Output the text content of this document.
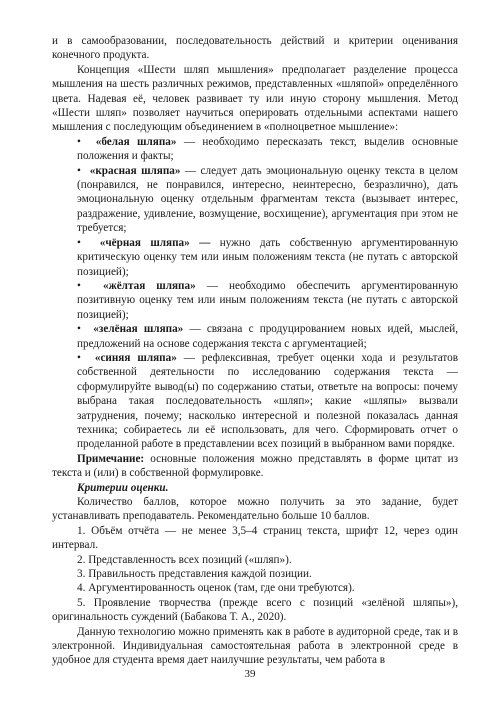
и в самообразовании, последовательность действий и критерии оценивания конечного продукта.

Концепция «Шести шляп мышления» предполагает разделение процесса мышления на шесть различных режимов, представленных «шляпой» определённого цвета. Надевая её, человек развивает ту или иную сторону мышления. Метод «Шести шляп» позволяет научиться оперировать отдельными аспектами нашего мышления с последующим объединением в «полноцветное мышление»:

•  «белая шляпа» — необходимо пересказать текст, выделив основные положения и факты;

•  «красная шляпа» — следует дать эмоциональную оценку текста в целом (понравился, не понравился, интересно, неинтересно, безразлично), дать эмоциональную оценку отдельным фрагментам текста (вызывает интерес, раздражение, удивление, возмущение, восхищение), аргументация при этом не требуется;

•  «чёрная шляпа» — нужно дать собственную аргументированную критическую оценку тем или иным положениям текста (не путать с авторской позицией);

•  «жёлтая шляпа» — необходимо обеспечить аргументированную позитивную оценку тем или иным положениям текста (не путать с авторской позицией);

•  «зелёная шляпа» — связана с продуцированием новых идей, мыслей, предложений на основе содержания текста с аргументацией;

•  «синяя шляпа» — рефлексивная, требует оценки хода и результатов собственной деятельности по исследованию содержания текста — сформулируйте вывод(ы) по содержанию статьи, ответьте на вопросы: почему выбрана такая последовательность «шляп»; какие «шляпы» вызвали затруднения, почему; насколько интересной и полезной показалась данная техника; собираетесь ли её использовать, для чего. Сформировать отчет о проделанной работе в представлении всех позиций в выбранном вами порядке.

Примечание: основные положения можно представлять в форме цитат из текста и (или) в собственной формулировке.

Критерии оценки.

Количество баллов, которое можно получить за это задание, будет устанавливать преподаватель. Рекомендательно больше 10 баллов.

1. Объём отчёта — не менее 3,5–4 страниц текста, шрифт 12, через один интервал.

2. Представленность всех позиций («шляп»).

3. Правильность представления каждой позиции.

4. Аргументированность оценок (там, где они требуются).

5. Проявление творчества (прежде всего с позиций «зелёной шляпы»), оригинальность суждений (Бабакова Т. А., 2020).

Данную технологию можно применять как в работе в аудиторной среде, так и в электронной. Индивидуальная самостоятельная работа в электронной среде в удобное для студента время дает наилучшие результаты, чем работа в

39
